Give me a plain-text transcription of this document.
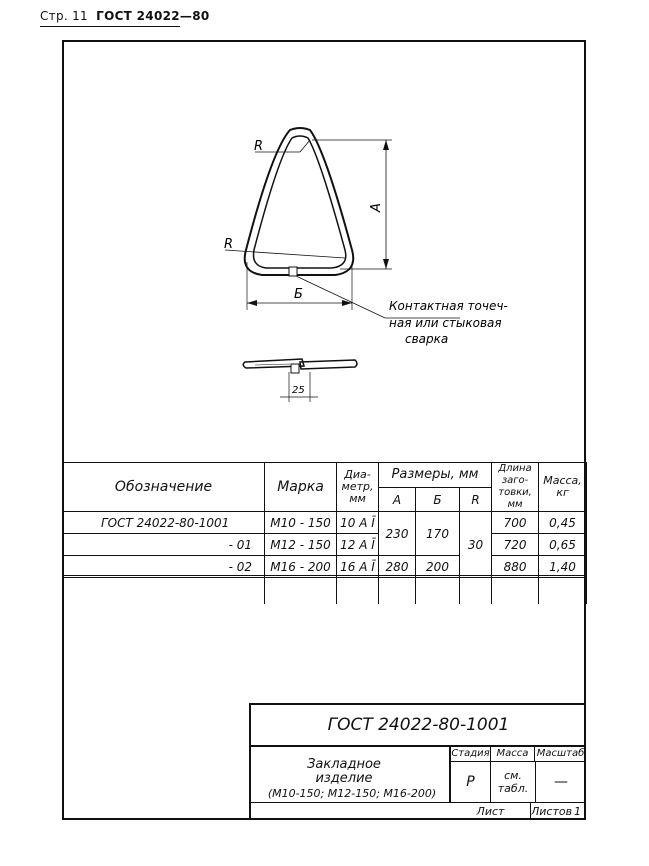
Стр. 11 ГОСТ 24022—80
R
R
А
Б
Контактная точеч-
ная или стыковая
сварка
25
Обозначение	Марка	Диа-метр, мм	Размеры, мм			Длина заго-товки, мм	Масса, кг
			А	Б	R		
ГОСТ 24022-80-1001	М10 - 150	10 А Ī	230	170	30	700	0,45
- 01	М12 - 150	12 А Ī				720	0,65
- 02	М16 - 200	16 А Ī	280	200		880	1,40

ГОСТ 24022-80-1001
Закладное
изделие
(М10-150; М12-150; М16-200)
Стадия Масса Масштаб
Р	см. табл.	—
Лист	Листов 1
